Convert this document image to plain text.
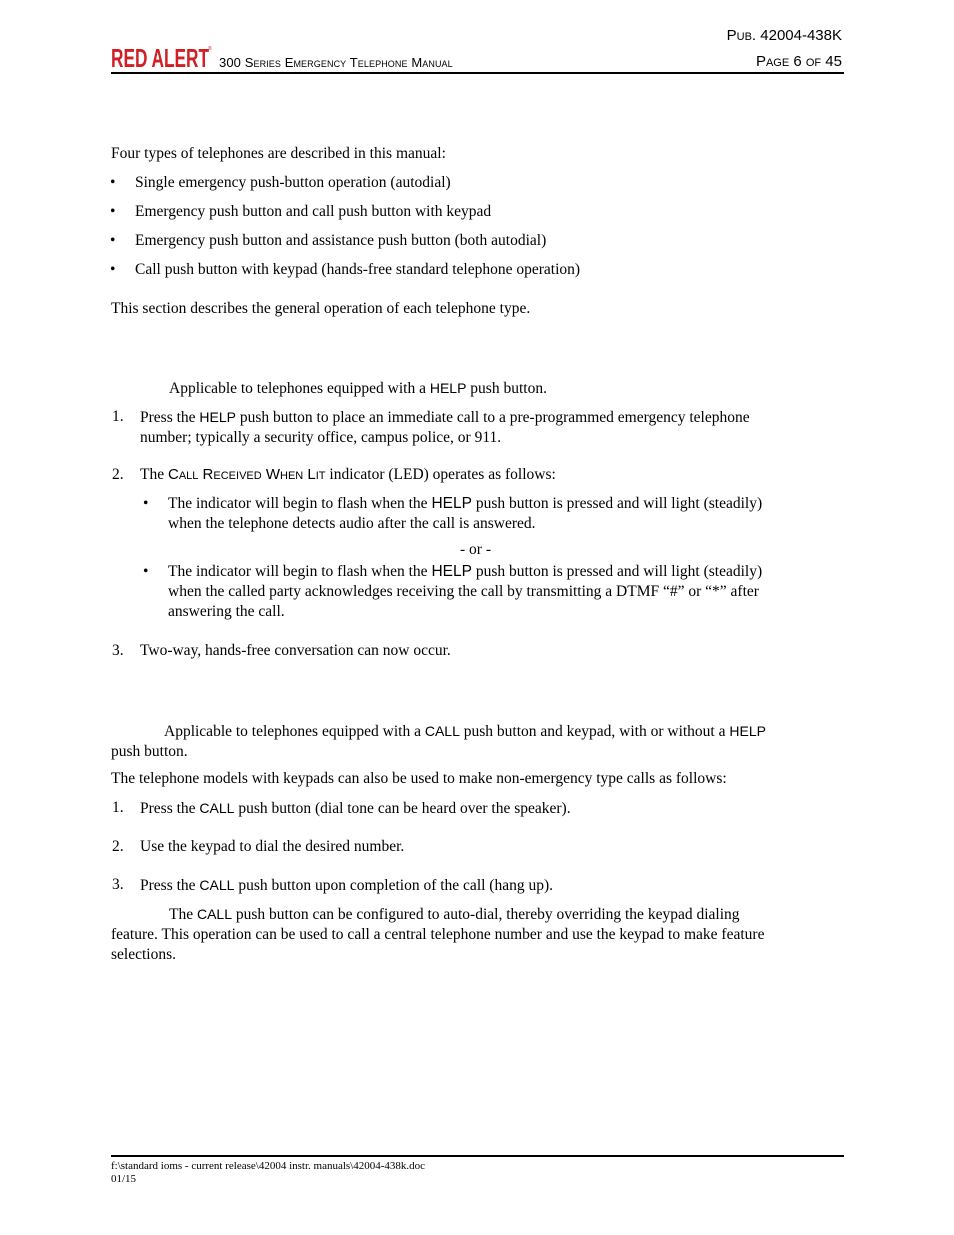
Pub. 42004-438K
RED ALERT
®
300 Series Emergency Telephone Manual	Page 6 of 45
Four types of telephones are described in this manual:
• Single emergency push-button operation (autodial)
• Emergency push button and call push button with keypad
• Emergency push button and assistance push button (both autodial)
• Call push button with keypad (hands-free standard telephone operation)
This section describes the general operation of each telephone type.
Applicable to telephones equipped with a HELP push button.
1. Press the HELP push button to place an immediate call to a pre-programmed emergency telephone
number; typically a security office, campus police, or 911.
2. The Call Received When Lit indicator (LED) operates as follows:
• The indicator will begin to flash when the HELP push button is pressed and will light (steadily)
when the telephone detects audio after the call is answered.
- or -
• The indicator will begin to flash when the HELP push button is pressed and will light (steadily)
when the called party acknowledges receiving the call by transmitting a DTMF “#” or “*” after
answering the call.
3. Two-way, hands-free conversation can now occur.
Applicable to telephones equipped with a CALL push button and keypad, with or without a HELP
push button.
The telephone models with keypads can also be used to make non-emergency type calls as follows:
1. Press the CALL push button (dial tone can be heard over the speaker).
2. Use the keypad to dial the desired number.
3. Press the CALL push button upon completion of the call (hang up).
The CALL push button can be configured to auto-dial, thereby overriding the keypad dialing
feature. This operation can be used to call a central telephone number and use the keypad to make feature
selections.
f:\standard ioms - current release\42004 instr. manuals\42004-438k.doc
01/15
